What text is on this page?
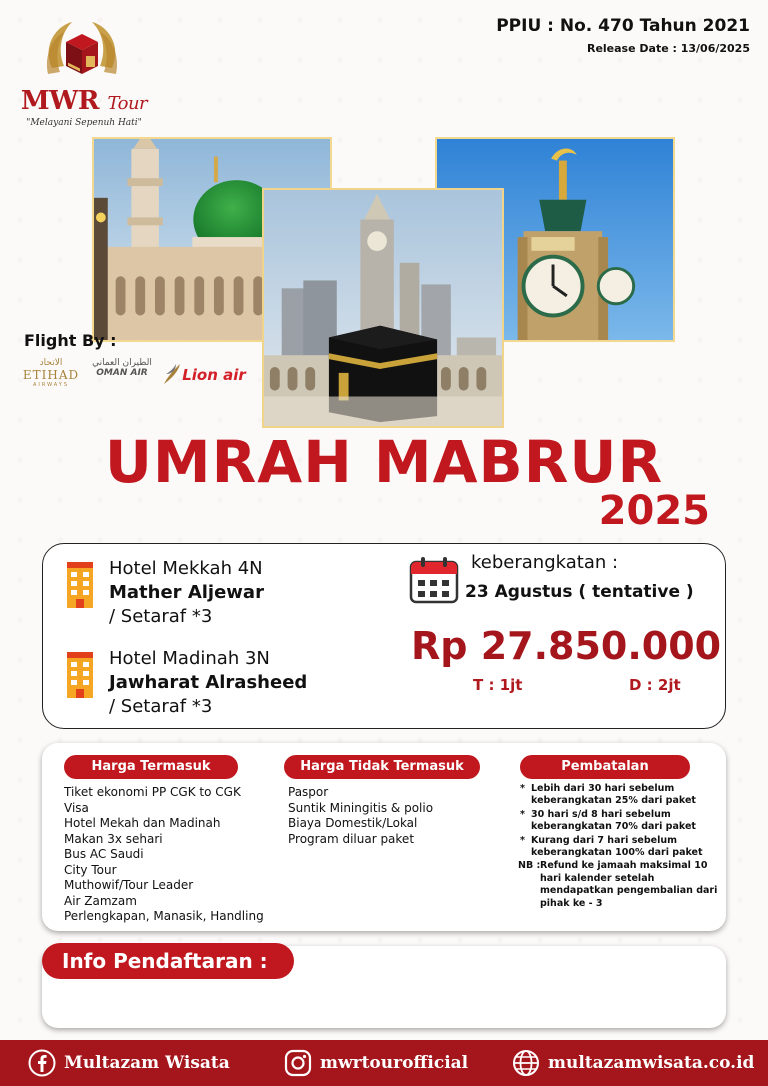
MWR Tour
"Melayani Sepenuh Hati"
PPIU : No. 470 Tahun 2021
Release Date : 13/06/2025
Flight By :
الاتحاد
ETIHAD
AIRWAYS
الطيران العماني
OMAN AIR	Lion air
UMRAH MABRUR
2025
Hotel Mekkah 4N
Mather Aljewar
/ Setaraf *3
Hotel Madinah 3N
Jawharat Alrasheed
/ Setaraf *3
keberangkatan :
23 Agustus ( tentative )
Rp 27.850.000
T : 1jt	D : 2jt
Harga Termasuk
Tiket ekonomi PP CGK to CGK
Visa
Hotel Mekah dan Madinah
Makan 3x sehari
Bus AC Saudi
City Tour
Muthowif/Tour Leader
Air Zamzam
Perlengkapan, Manasik, Handling
Harga Tidak Termasuk
Paspor
Suntik Miningitis & polio
Biaya Domestik/Lokal
Program diluar paket
Pembatalan
* Lebih dari 30 hari sebelum keberangkatan 25% dari paket
* 30 hari s/d 8 hari sebelum keberangkatan 70% dari paket
* Kurang dari 7 hari sebelum keberangkatan 100% dari paket
NB : Refund ke jamaah maksimal 10 hari kalender setelah mendapatkan pengembalian dari pihak ke - 3
Info Pendaftaran :
Multazam Wisata	mwrtourofficial	multazamwisata.co.id
